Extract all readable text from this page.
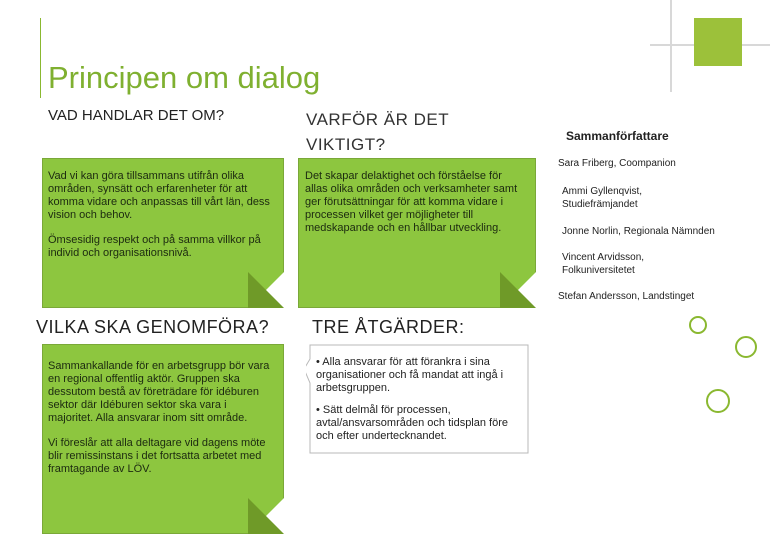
Principen om dialog
VAD HANDLAR DET OM?

Vad vi kan göra tillsammans utifrån olika områden, synsätt och erfarenheter för att komma vidare och anpassas till vårt län, dess vision och behov.

Ömsesidig respekt och på samma villkor på individ och organisationsnivå.

VARFÖR ÄR DET VIKTIGT?

Det skapar delaktighet och förståelse för allas olika områden och verksamheter samt ger förutsättningar för att komma vidare i processen vilket ger möjligheter till medskapande och en hållbar utveckling.

VILKA SKA GENOMFÖRA?

Sammankallande för en arbetsgrupp bör vara en regional offentlig aktör. Gruppen ska dessutom bestå av företrädare för idéburen sektor där Idéburen sektor ska vara i majoritet. Alla ansvarar inom sitt område.

Vi föreslår att alla deltagare vid dagens möte blir remissinstans i det fortsatta arbetet med framtagande av LÖV.

TRE ÅTGÄRDER:

• Alla ansvarar för att förankra i sina organisationer och få mandat att ingå i arbetsgruppen.

• Sätt delmål för processen, avtal/ansvarsområden och tidsplan före och efter undertecknandet.

Sammanförfattare
Sara Friberg, Coompanion
Ammi Gyllenqvist, Studiefrämjandet
Jonne Norlin, Regionala Nämnden
Vincent Arvidsson, Folkuniversitetet
Stefan Andersson, Landstinget
